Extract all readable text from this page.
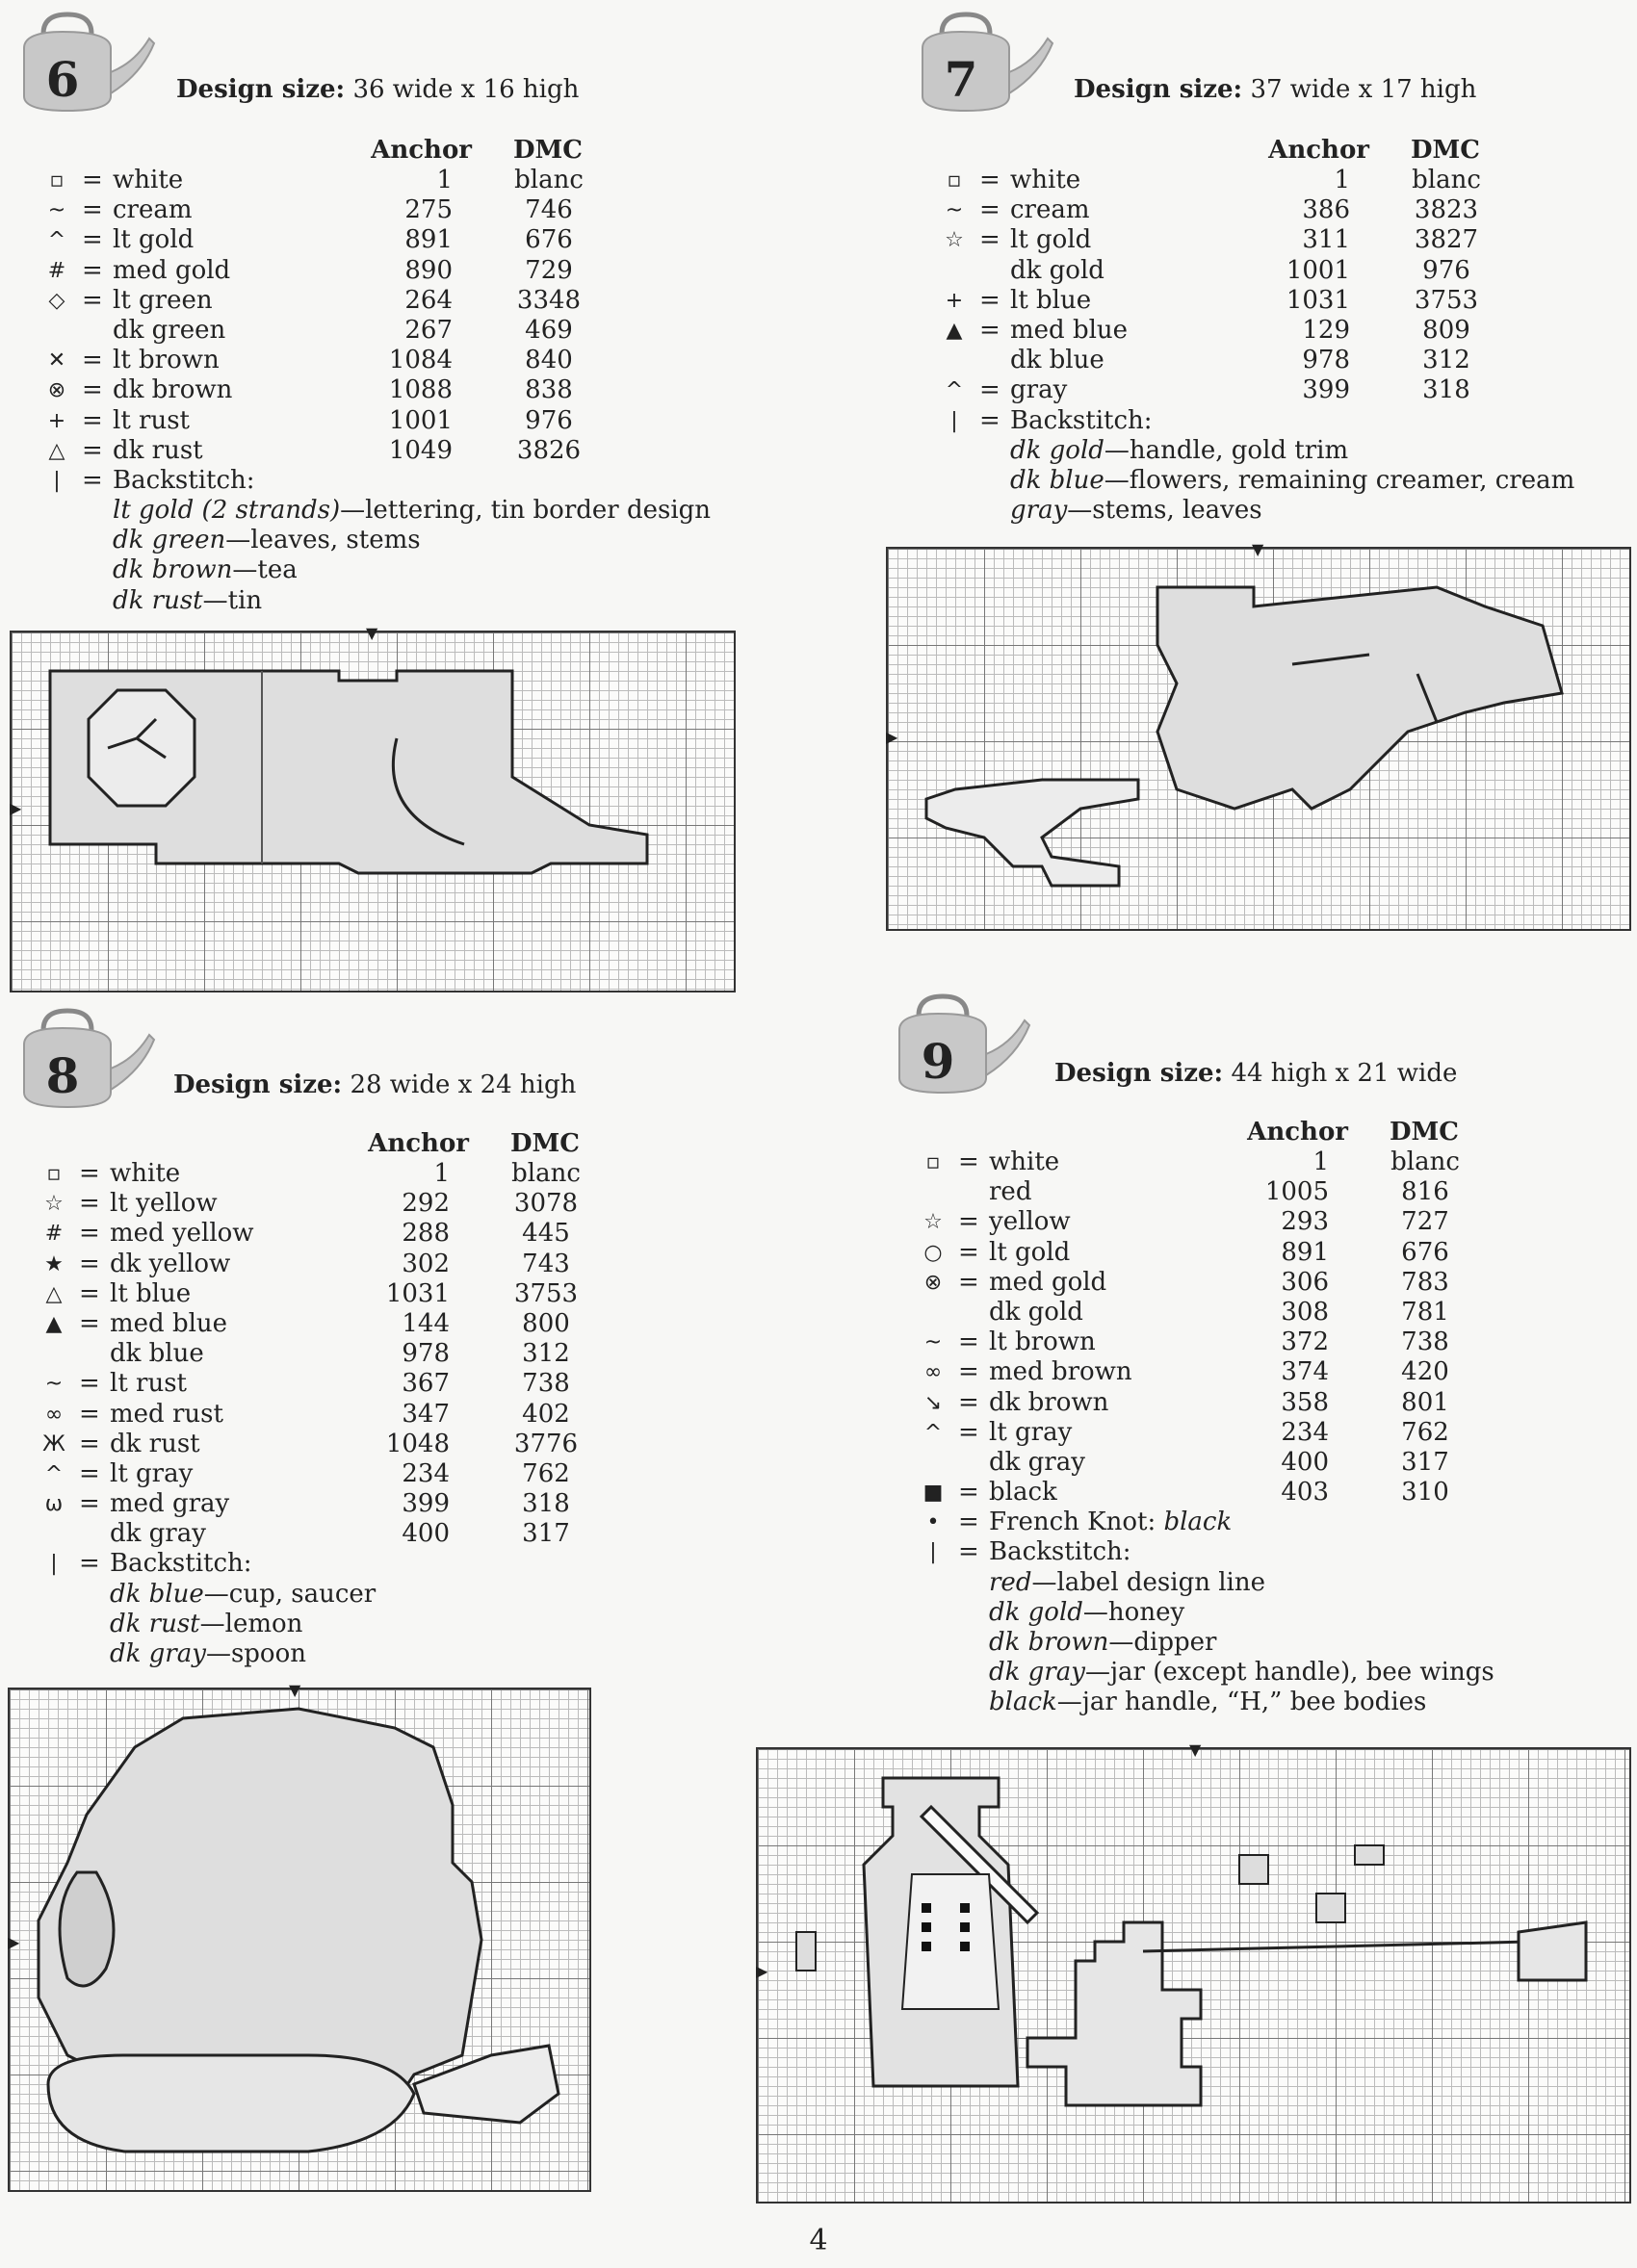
6	Design size: 36 wide x 16 high
Anchor DMC
▫ = white	1	blanc
~ = cream	275	746
^ = lt gold	891	676
# = med gold	890	729
◇ = lt green	264	3348
dk green	267	469
✕ = lt brown	1084	840
⊗ = dk brown	1088	838
+ = lt rust	1001	976
△ = dk rust	1049	3826
| = Backstitch:
lt gold (2 strands)—lettering, tin border design
dk green—leaves, stems
dk brown—tea
dk rust—tin
▼
▶
7	Design size: 37 wide x 17 high
Anchor DMC
▫ = white	1	blanc
~ = cream	386	3823
☆ = lt gold	311	3827
dk gold	1001	976
+ = lt blue	1031	3753
▲ = med blue	129	809
dk blue	978	312
^ = gray	399	318
| = Backstitch:
dk gold—handle, gold trim
dk blue—flowers, remaining creamer, cream
gray—stems, leaves
▼
▶
8	Design size: 28 wide x 24 high
Anchor DMC
▫ = white	1	blanc
☆ = lt yellow	292	3078
# = med yellow	288	445
★ = dk yellow	302	743
△ = lt blue	1031	3753
▲ = med blue	144	800
dk blue	978	312
~ = lt rust	367	738
∞ = med rust	347	402
Ж = dk rust	1048	3776
^ = lt gray	234	762
ω = med gray	399	318
dk gray	400	317
| = Backstitch:
dk blue—cup, saucer
dk rust—lemon
dk gray—spoon
▼
▶
9	Design size: 44 high x 21 wide
Anchor DMC
▫ = white	1	blanc
red	1005	816
☆ = yellow	293	727
○ = lt gold	891	676
⊗ = med gold	306	783
dk gold	308	781
~ = lt brown	372	738
∞ = med brown	374	420
↘ = dk brown	358	801
^ = lt gray	234	762
dk gray	400	317
■ = black	403	310
• = French Knot: black
| = Backstitch:
red—label design line
dk gold—honey
dk brown—dipper
dk gray—jar (except handle), bee wings
black—jar handle, “H,” bee bodies
▼
▶
4
